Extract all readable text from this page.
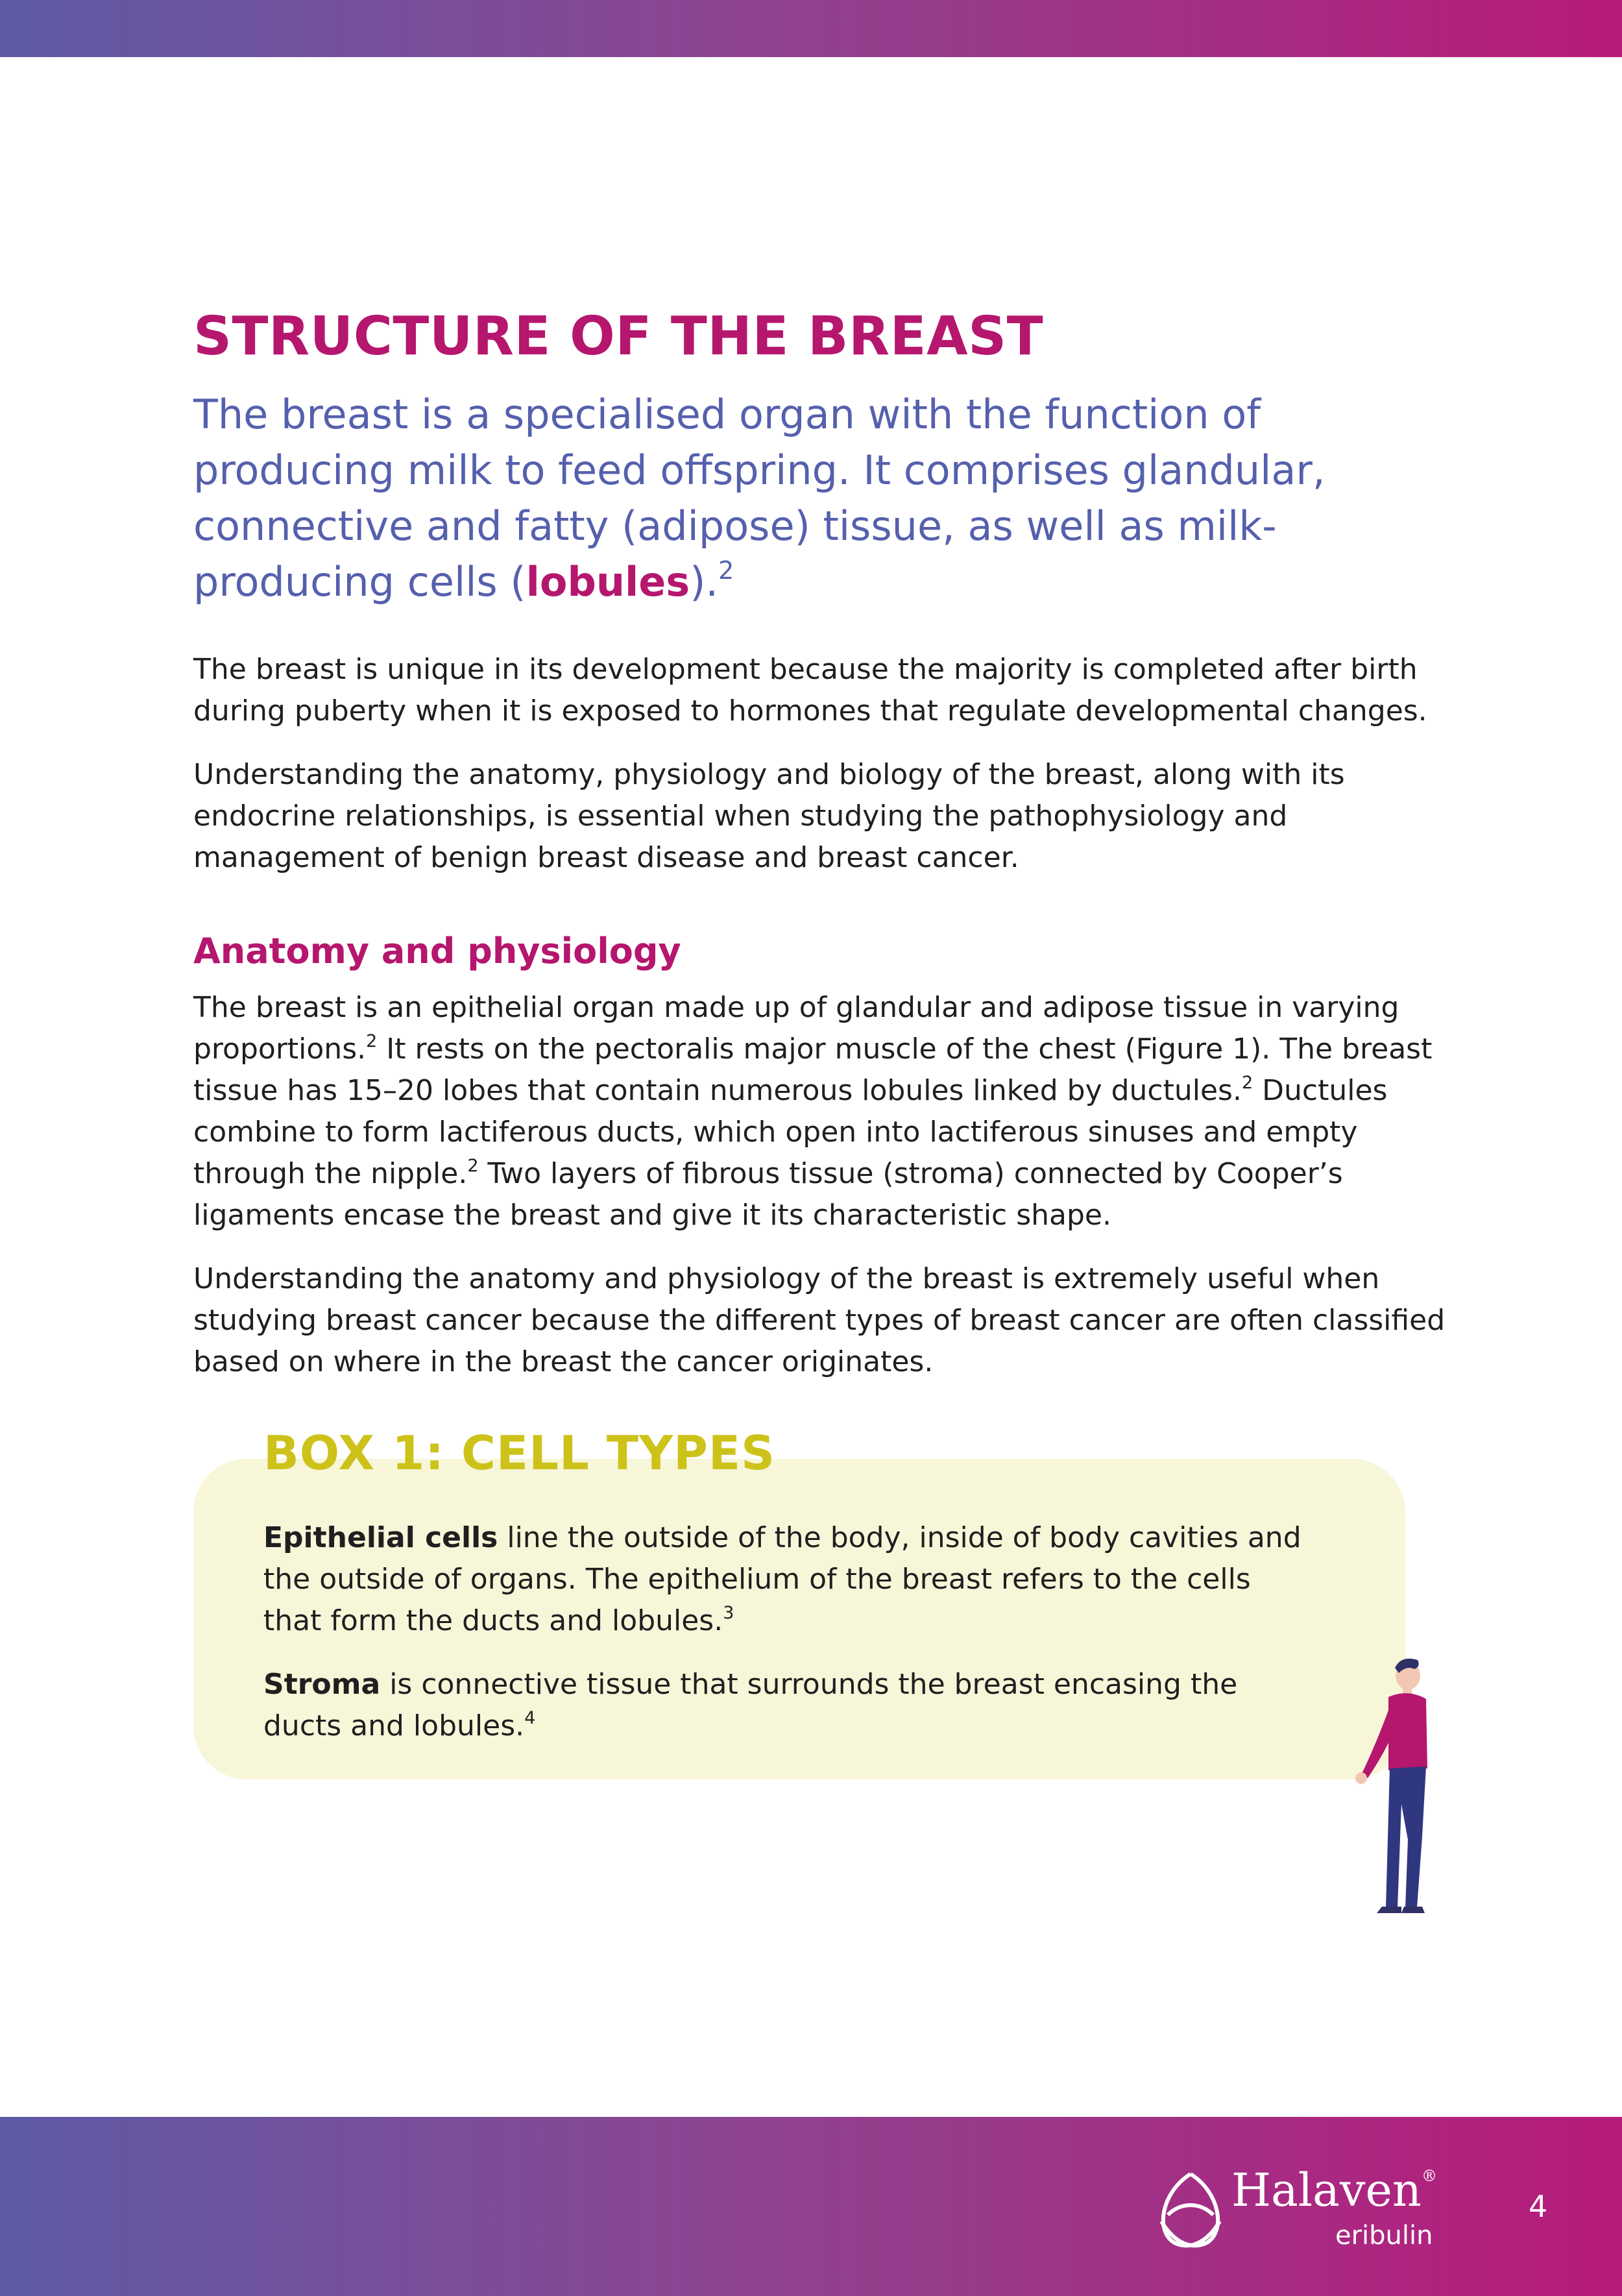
STRUCTURE OF THE BREAST

The breast is a specialised organ with the function of producing milk to feed offspring. It comprises glandular, connective and fatty (adipose) tissue, as well as milk-producing cells (lobules).$^2$

The breast is unique in its development because the majority is completed after birth during puberty when it is exposed to hormones that regulate developmental changes.

Understanding the anatomy, physiology and biology of the breast, along with its endocrine relationships, is essential when studying the pathophysiology and management of benign breast disease and breast cancer.

Anatomy and physiology

The breast is an epithelial organ made up of glandular and adipose tissue in varying proportions.$^2$ It rests on the pectoralis major muscle of the chest (Figure 1). The breast tissue has 15–20 lobes that contain numerous lobules linked by ductules.$^2$ Ductules combine to form lactiferous ducts, which open into lactiferous sinuses and empty through the nipple.$^2$ Two layers of fibrous tissue (stroma) connected by Cooper’s ligaments encase the breast and give it its characteristic shape.

Understanding the anatomy and physiology of the breast is extremely useful when studying breast cancer because the different types of breast cancer are often classified based on where in the breast the cancer originates.

BOX 1: CELL TYPES

Epithelial cells line the outside of the body, inside of body cavities and the outside of organs. The epithelium of the breast refers to the cells that form the ducts and lobules.$^3$

Stroma is connective tissue that surrounds the breast encasing the ducts and lobules.$^4$

Halaven®

eribulin

4
